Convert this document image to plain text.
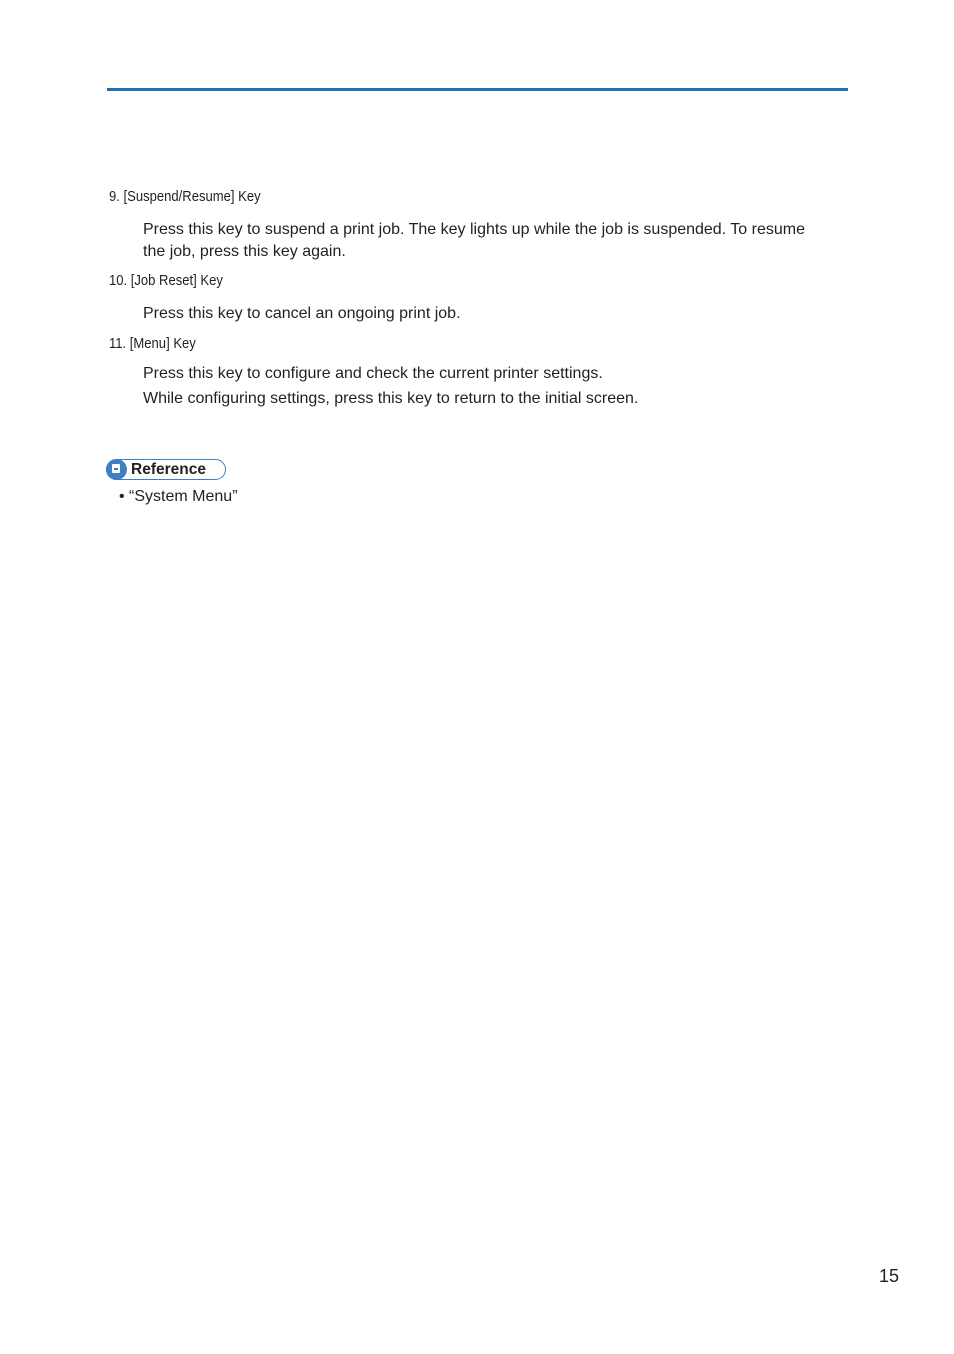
9. [Suspend/Resume] Key
Press this key to suspend a print job. The key lights up while the job is suspended. To resume
the job, press this key again.
10. [Job Reset] Key
Press this key to cancel an ongoing print job.
11. [Menu] Key
Press this key to configure and check the current printer settings.
While configuring settings, press this key to return to the initial screen.
Reference
• “System Menu”
15
